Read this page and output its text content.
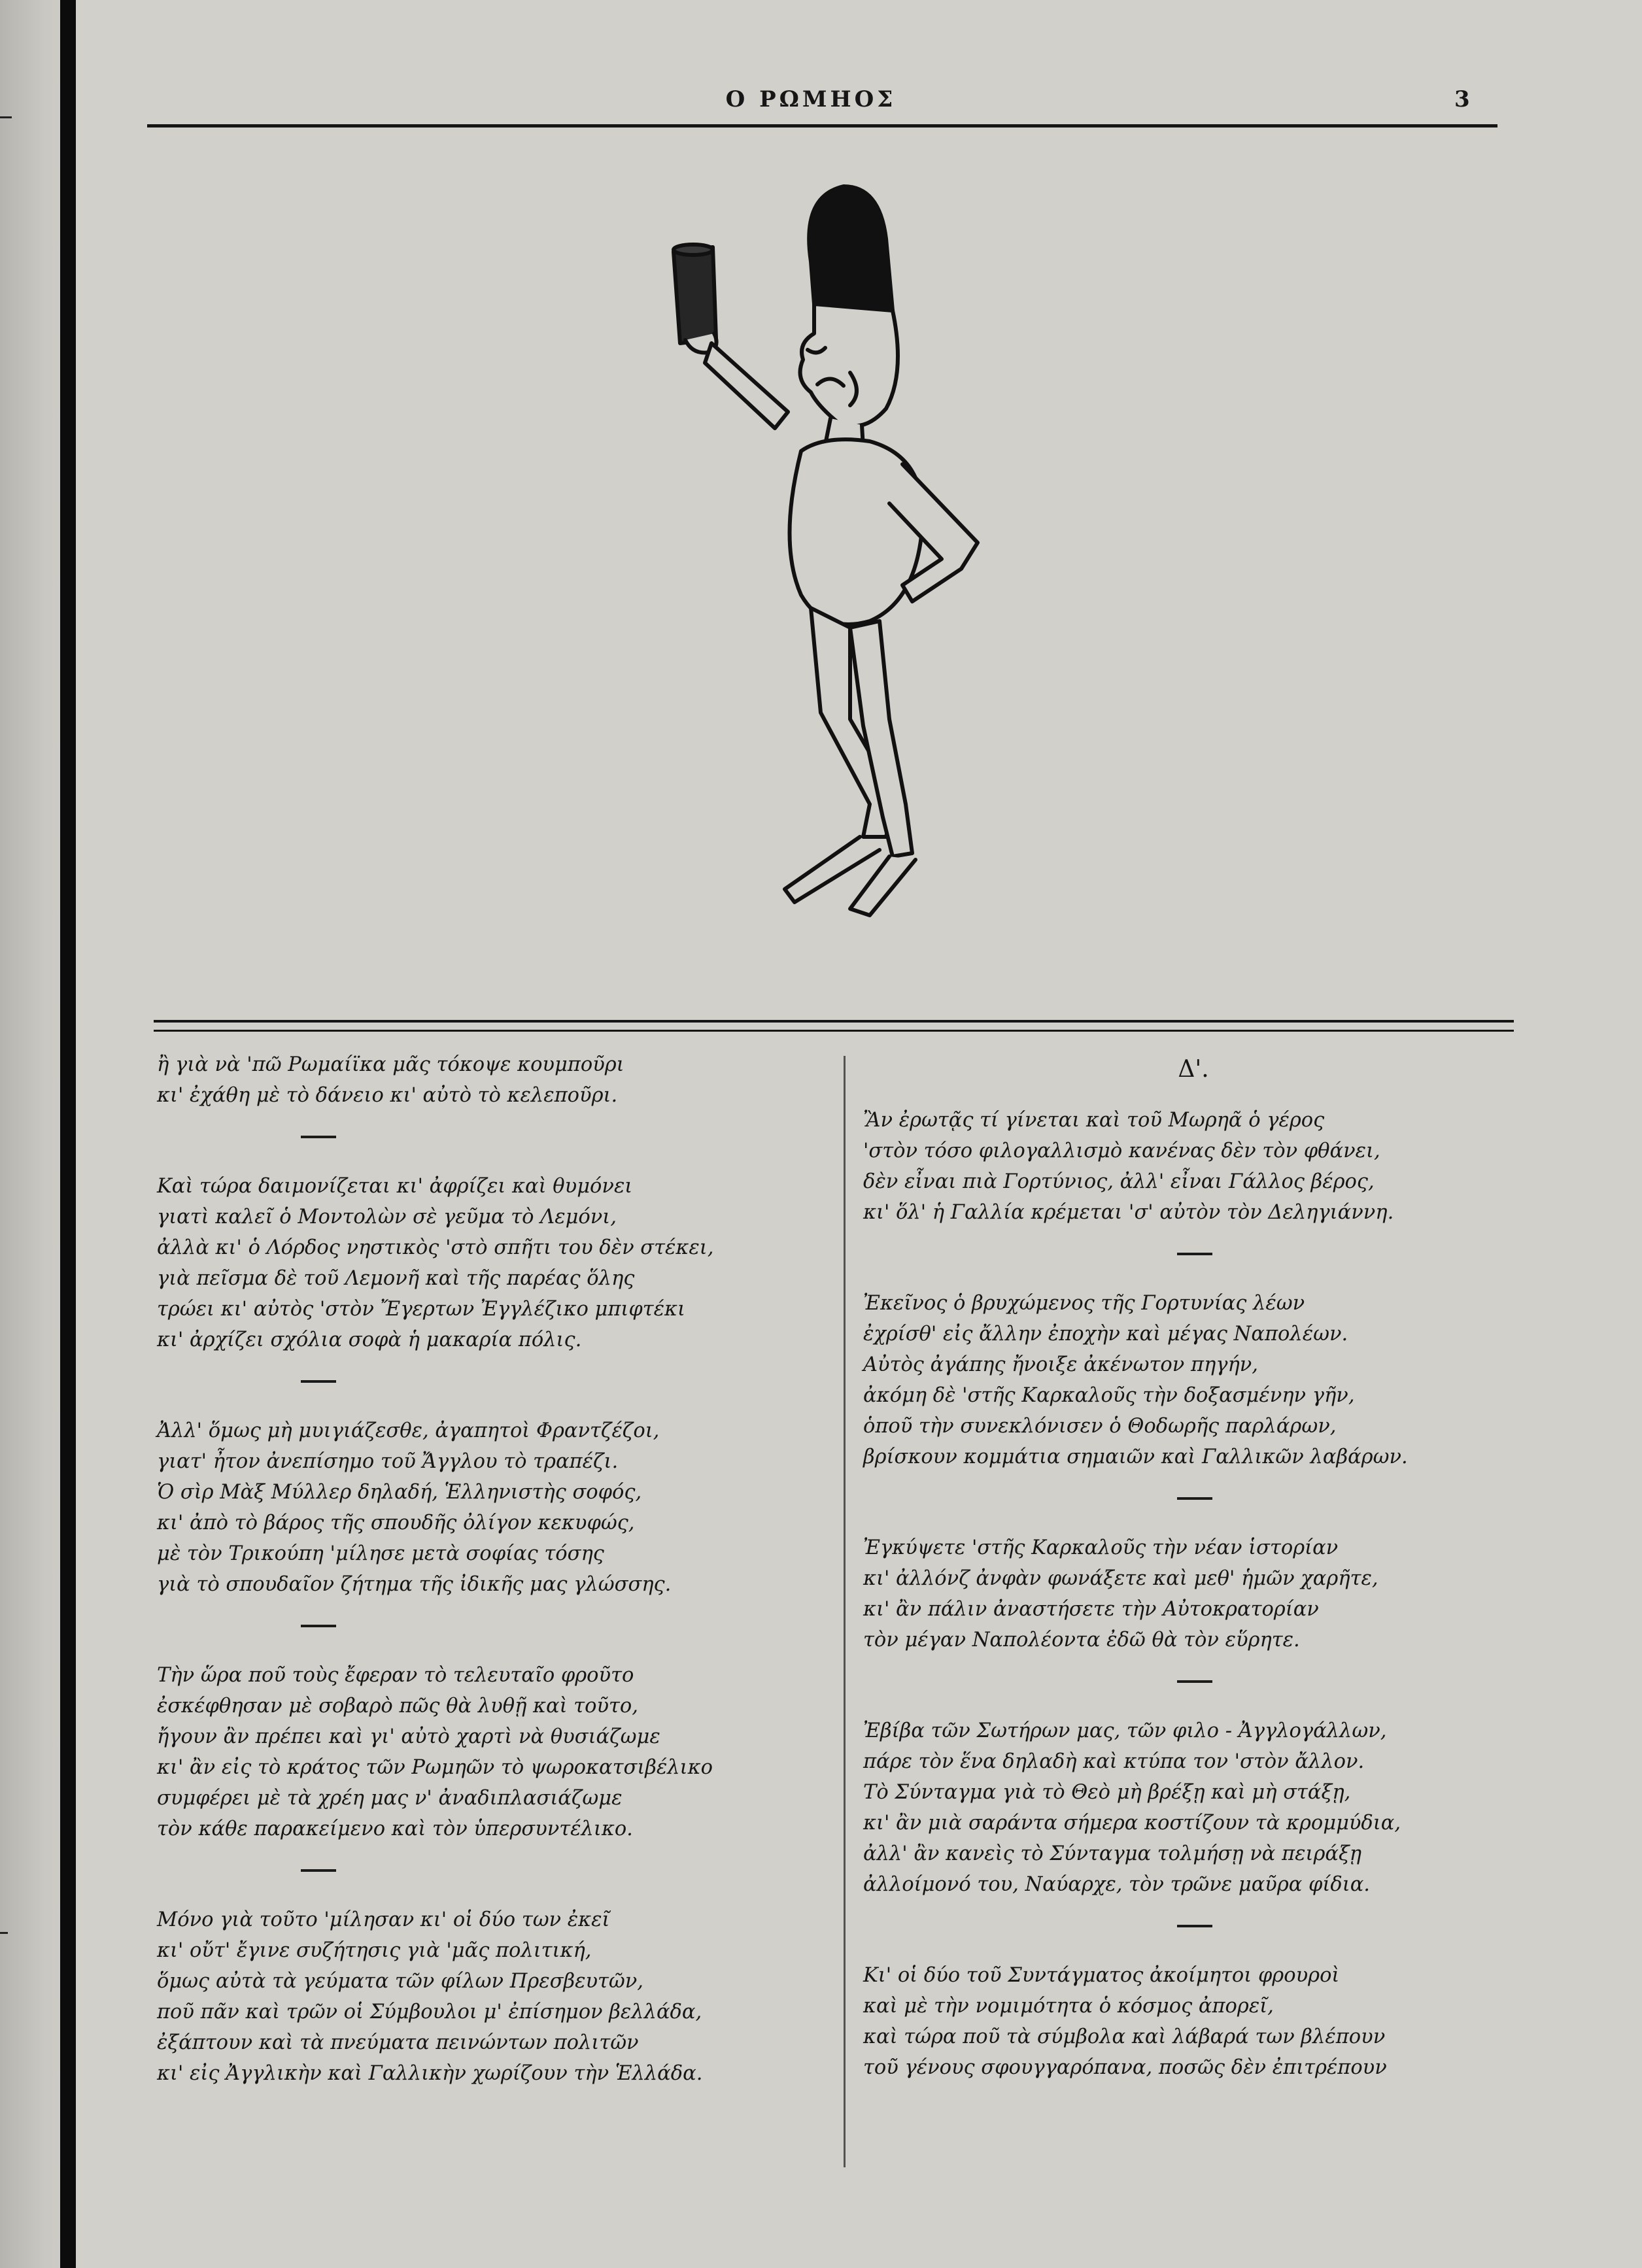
Ο ΡΩΜΗΟΣ	3
ἢ γιὰ νὰ 'πῶ Ρωμαίϊκα μᾶς τόκοψε κουμποῦρι
κι' ἐχάθη μὲ τὸ δάνειο κι' αὐτὸ τὸ κελεποῦρι.
Καὶ τώρα δαιμονίζεται κι' ἀφρίζει καὶ θυμόνει
γιατὶ καλεῖ ὁ Μοντολὼν σὲ γεῦμα τὸ Λεμόνι,
ἀλλὰ κι' ὁ Λόρδος νηστικὸς 'στὸ σπῆτι του δὲν στέκει,
γιὰ πεῖσμα δὲ τοῦ Λεμονῆ καὶ τῆς παρέας ὅλης
τρώει κι' αὐτὸς 'στὸν Ἔγερτων Ἐγγλέζικο μπιφτέκι
κι' ἀρχίζει σχόλια σοφὰ ἡ μακαρία πόλις.
Ἀλλ' ὅμως μὴ μυιγιάζεσθε, ἀγαπητοὶ Φραντζέζοι,
γιατ' ἦτον ἀνεπίσημο τοῦ Ἄγγλου τὸ τραπέζι.
Ὁ σὶρ Μὰξ Μύλλερ δηλαδή, Ἑλληνιστὴς σοφός,
κι' ἀπὸ τὸ βάρος τῆς σπουδῆς ὀλίγον κεκυφώς,
μὲ τὸν Τρικούπη 'μίλησε μετὰ σοφίας τόσης
γιὰ τὸ σπουδαῖον ζήτημα τῆς ἰδικῆς μας γλώσσης.
Τὴν ὥρα ποῦ τοὺς ἔφεραν τὸ τελευταῖο φροῦτο
ἐσκέφθησαν μὲ σοβαρὸ πῶς θὰ λυθῇ καὶ τοῦτο,
ἤγουν ἂν πρέπει καὶ γι' αὐτὸ χαρτὶ νὰ θυσιάζωμε
κι' ἂν εἰς τὸ κράτος τῶν Ρωμηῶν τὸ ψωροκατσιβέλικο
συμφέρει μὲ τὰ χρέη μας ν' ἀναδιπλασιάζωμε
τὸν κάθε παρακείμενο καὶ τὸν ὑπερσυντέλικο.
Μόνο γιὰ τοῦτο 'μίλησαν κι' οἱ δύο των ἐκεῖ
κι' οὔτ' ἔγινε συζήτησις γιὰ 'μᾶς πολιτική,
ὅμως αὐτὰ τὰ γεύματα τῶν φίλων Πρεσβευτῶν,
ποῦ πᾶν καὶ τρῶν οἱ Σύμβουλοι μ' ἐπίσημον βελλάδα,
ἐξάπτουν καὶ τὰ πνεύματα πεινώντων πολιτῶν
κι' εἰς Ἀγγλικὴν καὶ Γαλλικὴν χωρίζουν τὴν Ἑλλάδα.
Δ'.
Ἂν ἐρωτᾷς τί γίνεται καὶ τοῦ Μωρηᾶ ὁ γέρος
'στὸν τόσο φιλογαλλισμὸ κανένας δὲν τὸν φθάνει,
δὲν εἶναι πιὰ Γορτύνιος, ἀλλ' εἶναι Γάλλος βέρος,
κι' ὅλ' ἡ Γαλλία κρέμεται 'σ' αὐτὸν τὸν Δεληγιάννη.
Ἐκεῖνος ὁ βρυχώμενος τῆς Γορτυνίας λέων
ἐχρίσθ' εἰς ἄλλην ἐποχὴν καὶ μέγας Ναπολέων.
Αὐτὸς ἀγάπης ἤνοιξε ἀκένωτον πηγήν,
ἀκόμη δὲ 'στῆς Καρκαλοῦς τὴν δοξασμένην γῆν,
ὁποῦ τὴν συνεκλόνισεν ὁ Θοδωρῆς παρλάρων,
βρίσκουν κομμάτια σημαιῶν καὶ Γαλλικῶν λαβάρων.
Ἐγκύψετε 'στῆς Καρκαλοῦς τὴν νέαν ἱστορίαν
κι' ἀλλόνζ ἀνφὰν φωνάξετε καὶ μεθ' ἡμῶν χαρῆτε,
κι' ἂν πάλιν ἀναστήσετε τὴν Αὐτοκρατορίαν
τὸν μέγαν Ναπολέοντα ἐδῶ θὰ τὸν εὕρητε.
Ἐβίβα τῶν Σωτήρων μας, τῶν φιλο - Ἀγγλογάλλων,
πάρε τὸν ἕνα δηλαδὴ καὶ κτύπα τον 'στὸν ἄλλον.
Τὸ Σύνταγμα γιὰ τὸ Θεὸ μὴ βρέξῃ καὶ μὴ στάξῃ,
κι' ἂν μιὰ σαράντα σήμερα κοστίζουν τὰ κρομμύδια,
ἀλλ' ἂν κανεὶς τὸ Σύνταγμα τολμήσῃ νὰ πειράξῃ
ἀλλοίμονό του, Ναύαρχε, τὸν τρῶνε μαῦρα φίδια.
Κι' οἱ δύο τοῦ Συντάγματος ἀκοίμητοι φρουροὶ
καὶ μὲ τὴν νομιμότητα ὁ κόσμος ἀπορεῖ,
καὶ τώρα ποῦ τὰ σύμβολα καὶ λάβαρά των βλέπουν
τοῦ γένους σφουγγαρόπανα, ποσῶς δὲν ἐπιτρέπουν
